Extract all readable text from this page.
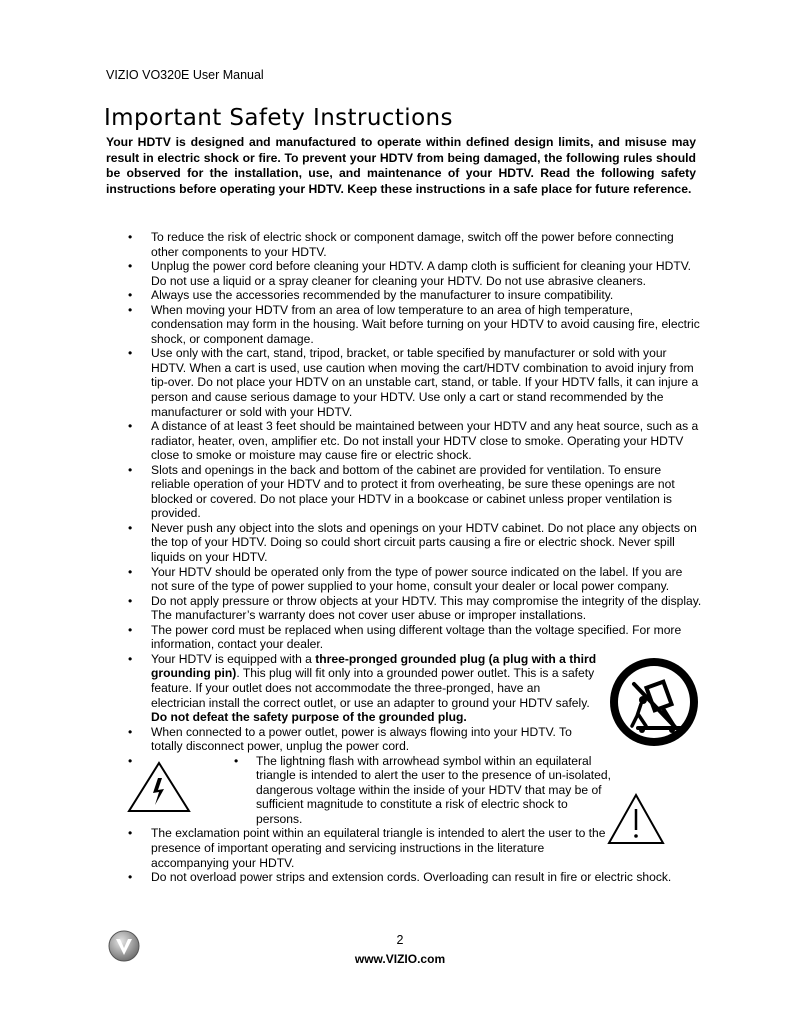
VIZIO VO320E User Manual
Important Safety Instructions
Your HDTV is designed and manufactured to operate within defined design limits, and misuse may result in electric shock or fire. To prevent your HDTV from being damaged, the following rules should be observed for the installation, use, and maintenance of your HDTV. Read the following safety instructions before operating your HDTV. Keep these instructions in a safe place for future reference.
• To reduce the risk of electric shock or component damage, switch off the power before connecting other components to your HDTV.
• Unplug the power cord before cleaning your HDTV. A damp cloth is sufficient for cleaning your HDTV. Do not use a liquid or a spray cleaner for cleaning your HDTV. Do not use abrasive cleaners.
• Always use the accessories recommended by the manufacturer to insure compatibility.
• When moving your HDTV from an area of low temperature to an area of high temperature, condensation may form in the housing. Wait before turning on your HDTV to avoid causing fire, electric shock, or component damage.
• Use only with the cart, stand, tripod, bracket, or table specified by manufacturer or sold with your HDTV. When a cart is used, use caution when moving the cart/HDTV combination to avoid injury from tip-over. Do not place your HDTV on an unstable cart, stand, or table. If your HDTV falls, it can injure a person and cause serious damage to your HDTV. Use only a cart or stand recommended by the manufacturer or sold with your HDTV.
• A distance of at least 3 feet should be maintained between your HDTV and any heat source, such as a radiator, heater, oven, amplifier etc. Do not install your HDTV close to smoke. Operating your HDTV close to smoke or moisture may cause fire or electric shock.
• Slots and openings in the back and bottom of the cabinet are provided for ventilation. To ensure reliable operation of your HDTV and to protect it from overheating, be sure these openings are not blocked or covered. Do not place your HDTV in a bookcase or cabinet unless proper ventilation is provided.
• Never push any object into the slots and openings on your HDTV cabinet. Do not place any objects on the top of your HDTV. Doing so could short circuit parts causing a fire or electric shock. Never spill liquids on your HDTV.
• Your HDTV should be operated only from the type of power source indicated on the label. If you are not sure of the type of power supplied to your home, consult your dealer or local power company.
• Do not apply pressure or throw objects at your HDTV. This may compromise the integrity of the display. The manufacturer’s warranty does not cover user abuse or improper installations.
• The power cord must be replaced when using different voltage than the voltage specified. For more information, contact your dealer.
• Your HDTV is equipped with a three-pronged grounded plug (a plug with a third grounding pin). This plug will fit only into a grounded power outlet. This is a safety feature. If your outlet does not accommodate the three-pronged, have an electrician install the correct outlet, or use an adapter to ground your HDTV safely. Do not defeat the safety purpose of the grounded plug.
• When connected to a power outlet, power is always flowing into your HDTV. To totally disconnect power, unplug the power cord.
• • The lightning flash with arrowhead symbol within an equilateral triangle is intended to alert the user to the presence of un-isolated, dangerous voltage within the inside of your HDTV that may be of sufficient magnitude to constitute a risk of electric shock to persons.
• The exclamation point within an equilateral triangle is intended to alert the user to the presence of important operating and servicing instructions in the literature accompanying your HDTV.
• Do not overload power strips and extension cords. Overloading can result in fire or electric shock.
2
www.VIZIO.com
